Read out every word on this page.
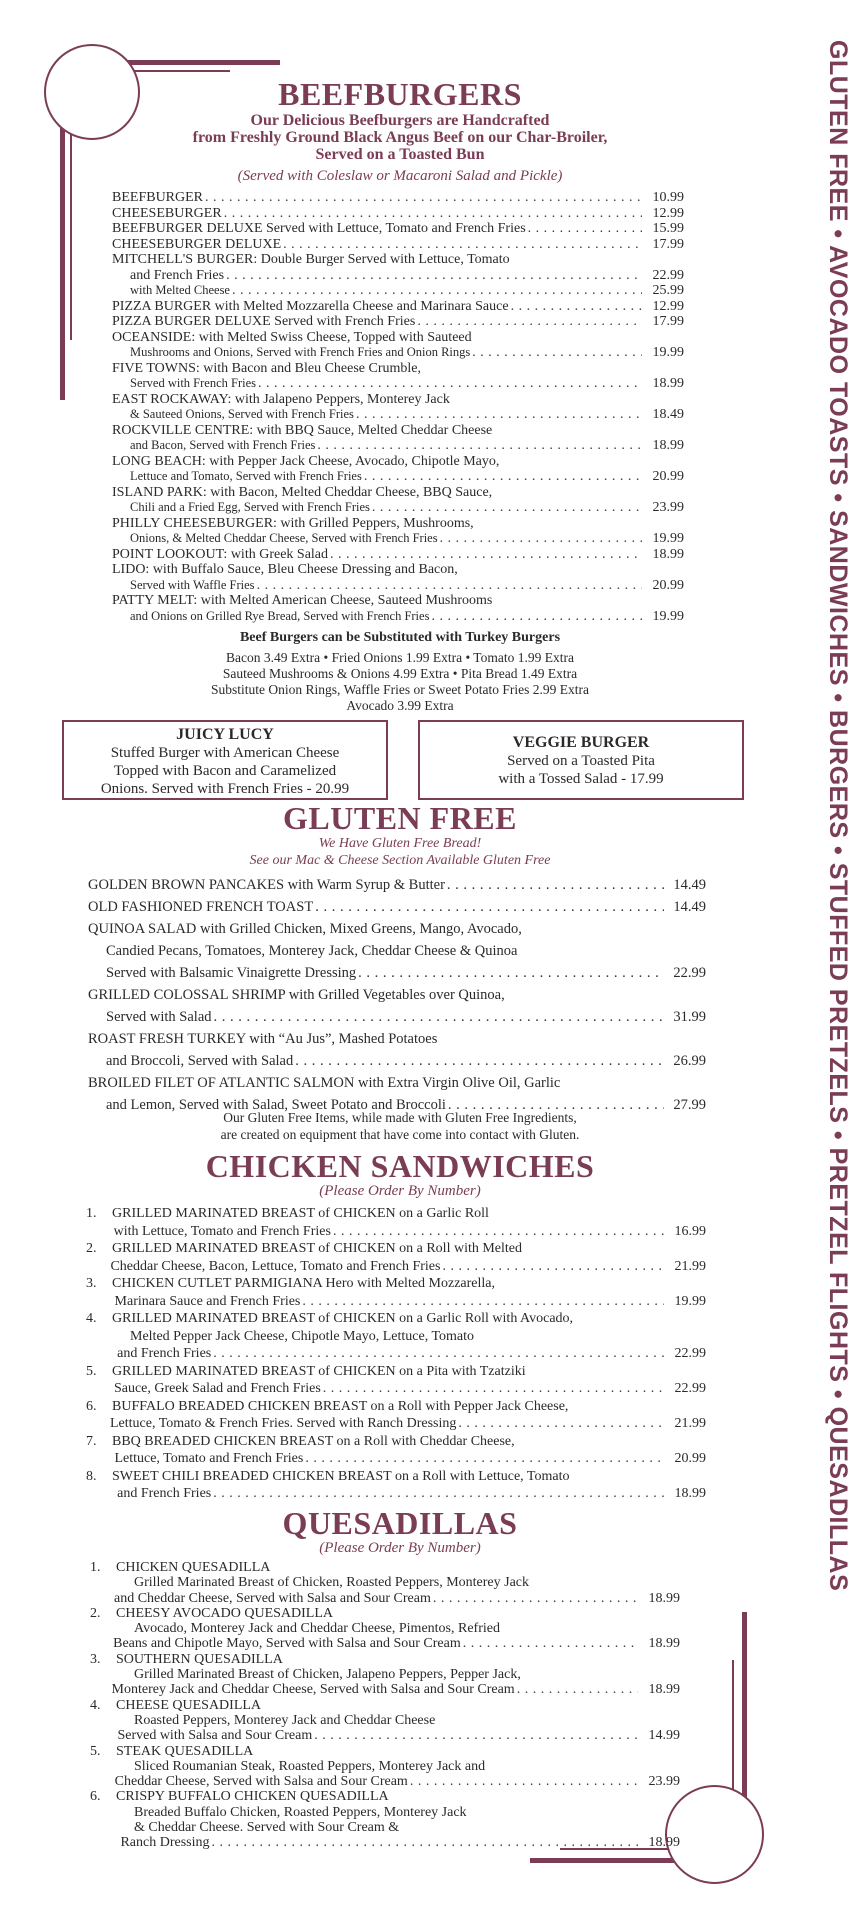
GLUTEN FREE • AVOCADO TOASTS • SANDWICHES • BURGERS • STUFFED PRETZELS • PRETZEL FLIGHTS • QUESADILLAS
BEEFBURGERS
Our Delicious Beefburgers are Handcrafted
from Freshly Ground Black Angus Beef on our Char-Broiler,
Served on a Toasted Bun
(Served with Coleslaw or Macaroni Salad and Pickle)
BEEFBURGER . . .	10.99
CHEESEBURGER . . .	12.99
BEEFBURGER DELUXE Served with Lettuce, Tomato and French Fries . . .	15.99
CHEESEBURGER DELUXE . . .	17.99
MITCHELL'S BURGER: Double Burger Served with Lettuce, Tomato
and French Fries . . .	22.99
with Melted Cheese . . .	25.99
PIZZA BURGER with Melted Mozzarella Cheese and Marinara Sauce . . .	12.99
PIZZA BURGER DELUXE Served with French Fries . . .	17.99
OCEANSIDE: with Melted Swiss Cheese, Topped with Sauteed
Mushrooms and Onions, Served with French Fries and Onion Rings . . .	19.99
FIVE TOWNS: with Bacon and Bleu Cheese Crumble,
Served with French Fries . . .	18.99
EAST ROCKAWAY: with Jalapeno Peppers, Monterey Jack
& Sauteed Onions, Served with French Fries . . .	18.49
ROCKVILLE CENTRE: with BBQ Sauce, Melted Cheddar Cheese
and Bacon, Served with French Fries . . .	18.99
LONG BEACH: with Pepper Jack Cheese, Avocado, Chipotle Mayo,
Lettuce and Tomato, Served with French Fries . . .	20.99
ISLAND PARK: with Bacon, Melted Cheddar Cheese, BBQ Sauce,
Chili and a Fried Egg, Served with French Fries . . .	23.99
PHILLY CHEESEBURGER: with Grilled Peppers, Mushrooms,
Onions, & Melted Cheddar Cheese, Served with French Fries . . .	19.99
POINT LOOKOUT: with Greek Salad . . .	18.99
LIDO: with Buffalo Sauce, Bleu Cheese Dressing and Bacon,
Served with Waffle Fries . . .	20.99
PATTY MELT: with Melted American Cheese, Sauteed Mushrooms
and Onions on Grilled Rye Bread, Served with French Fries . . .	19.99
Beef Burgers can be Substituted with Turkey Burgers
Bacon 3.49 Extra • Fried Onions 1.99 Extra • Tomato 1.99 Extra
Sauteed Mushrooms & Onions 4.99 Extra • Pita Bread 1.49 Extra
Substitute Onion Rings, Waffle Fries or Sweet Potato Fries 2.99 Extra
Avocado 3.99 Extra
JUICY LUCY
Stuffed Burger with American Cheese
Topped with Bacon and Caramelized
Onions. Served with French Fries - 20.99
VEGGIE BURGER
Served on a Toasted Pita
with a Tossed Salad - 17.99
GLUTEN FREE
We Have Gluten Free Bread!
See our Mac & Cheese Section Available Gluten Free
GOLDEN BROWN PANCAKES with Warm Syrup & Butter . . .	14.49
OLD FASHIONED FRENCH TOAST . . .	14.49
QUINOA SALAD with Grilled Chicken, Mixed Greens, Mango, Avocado,
Candied Pecans, Tomatoes, Monterey Jack, Cheddar Cheese & Quinoa
Served with Balsamic Vinaigrette Dressing . . .	22.99
GRILLED COLOSSAL SHRIMP with Grilled Vegetables over Quinoa,
Served with Salad . . .	31.99
ROAST FRESH TURKEY with “Au Jus”, Mashed Potatoes
and Broccoli, Served with Salad . . .	26.99
BROILED FILET OF ATLANTIC SALMON with Extra Virgin Olive Oil, Garlic
and Lemon, Served with Salad, Sweet Potato and Broccoli . . .	27.99
Our Gluten Free Items, while made with Gluten Free Ingredients,
are created on equipment that have come into contact with Gluten.
CHICKEN SANDWICHES
(Please Order By Number)
1.	GRILLED MARINATED BREAST of CHICKEN on a Garlic Roll
with Lettuce, Tomato and French Fries . . .	16.99
2.	GRILLED MARINATED BREAST of CHICKEN on a Roll with Melted
Cheddar Cheese, Bacon, Lettuce, Tomato and French Fries . . .	21.99
3.	CHICKEN CUTLET PARMIGIANA Hero with Melted Mozzarella,
Marinara Sauce and French Fries . . .	19.99
4.	GRILLED MARINATED BREAST of CHICKEN on a Garlic Roll with Avocado,
Melted Pepper Jack Cheese, Chipotle Mayo, Lettuce, Tomato
and French Fries . . .	22.99
5.	GRILLED MARINATED BREAST of CHICKEN on a Pita with Tzatziki
Sauce, Greek Salad and French Fries . . .	22.99
6.	BUFFALO BREADED CHICKEN BREAST on a Roll with Pepper Jack Cheese,
Lettuce, Tomato & French Fries. Served with Ranch Dressing . . .	21.99
7.	BBQ BREADED CHICKEN BREAST on a Roll with Cheddar Cheese,
Lettuce, Tomato and French Fries . . .	20.99
8.	SWEET CHILI BREADED CHICKEN BREAST on a Roll with Lettuce, Tomato
and French Fries . . .	18.99
QUESADILLAS
(Please Order By Number)
1.	CHICKEN QUESADILLA
Grilled Marinated Breast of Chicken, Roasted Peppers, Monterey Jack
and Cheddar Cheese, Served with Salsa and Sour Cream . . .	18.99
2.	CHEESY AVOCADO QUESADILLA
Avocado, Monterey Jack and Cheddar Cheese, Pimentos, Refried
Beans and Chipotle Mayo, Served with Salsa and Sour Cream . . .	18.99
3.	SOUTHERN QUESADILLA
Grilled Marinated Breast of Chicken, Jalapeno Peppers, Pepper Jack,
Monterey Jack and Cheddar Cheese, Served with Salsa and Sour Cream . . .	18.99
4.	CHEESE QUESADILLA
Roasted Peppers, Monterey Jack and Cheddar Cheese
Served with Salsa and Sour Cream . . .	14.99
5.	STEAK QUESADILLA
Sliced Roumanian Steak, Roasted Peppers, Monterey Jack and
Cheddar Cheese, Served with Salsa and Sour Cream . . .	23.99
6.	CRISPY BUFFALO CHICKEN QUESADILLA
Breaded Buffalo Chicken, Roasted Peppers, Monterey Jack
& Cheddar Cheese. Served with Sour Cream &
Ranch Dressing . . .	18.99
